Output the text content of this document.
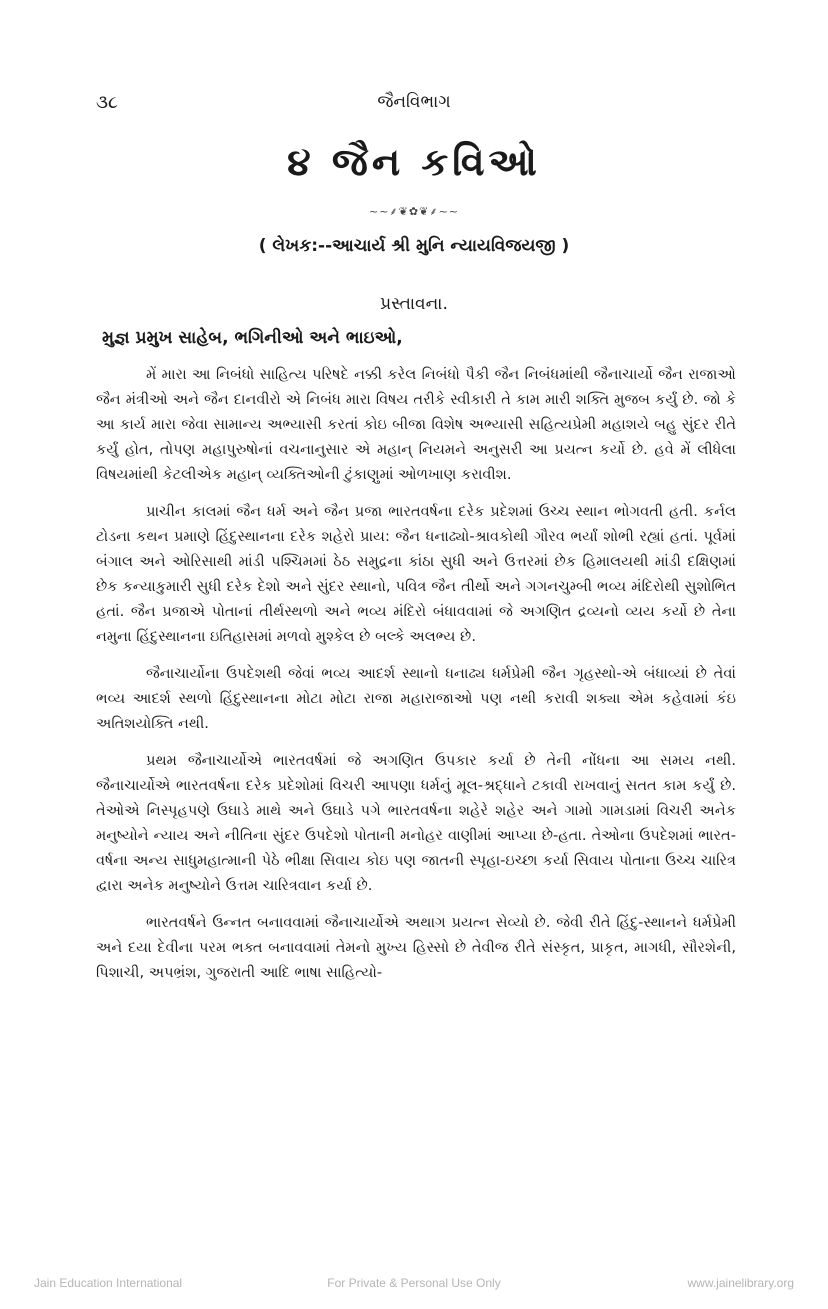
૩૮	જૈનવિભાગ
૪ જૈન કવિઓ
~~⸙❦✿❦⸙~~
( લેખક:--આચાર્ય શ્રી મુનિ ન્યાયવિજયજી )
પ્રસ્તાવના.
મુજ્ઞ પ્રમુખ સાહેબ, ભગિનીઓ અને ભાઇઓ,

મેં મારા આ નિબંધો સાહિત્ય પરિષદે નક્કી કરેલ નિબંધો પૈકી જૈન નિબંધમાંથી જૈનાચાર્યો જૈન રાજાઓ જૈન મંત્રીઓ અને જૈન દાનવીરો એ નિબંધ મારા વિષય તરીકે સ્વીકારી તે કામ મારી શક્તિ મુજબ કર્યું છે. જો કે આ કાર્ય મારા જેવા સામાન્ય અભ્યાસી કરતાં કોઇ બીજા વિશેષ અભ્યાસી સહિત્યપ્રેમી મહાશયે બહુ સુંદર રીતે કર્યું હોત, તોપણ મહાપુરુષોનાં વચનાનુસાર એ મહાન્ નિયમને અનુસરી આ પ્રયત્ન કર્યો છે. હવે મેં લીધેલા વિષયમાંથી કેટલીએક મહાન્ વ્યક્તિઓની ટુંકાણુમાં ઓળખાણ કરાવીશ.

પ્રાચીન કાલમાં જૈન ધર્મ અને જૈન પ્રજા ભારતવર્ષના દરેક પ્રદેશમાં ઉચ્ચ સ્થાન ભોગવતી હતી. કર્નલ ટોડના કથન પ્રમાણે હિંદુસ્થાનના દરેક શહેરો પ્રાય: જૈન ધનાઢ્યો-શ્રાવકોથી ગૌરવ ભર્યાં શોભી રહ્યાં હતાં. પૂર્વમાં બંગાલ અને ઓરિસાથી માંડી પશ્ચિમમાં ઠેઠ સમુદ્રના કાંઠા સુધી અને ઉત્તરમાં છેક હિમાલયથી માંડી દક્ષિણમાં છેક કન્યાકુમારી સુધી દરેક દેશો અને સુંદર સ્થાનો, પવિત્ર જૈન તીર્થો અને ગગનચુમ્બી ભવ્ય મંદિરોથી સુશોભિત હતાં. જૈન પ્રજાએ પોતાનાં તીર્થસ્થળો અને ભવ્ય મંદિરો બંધાવવામાં જે અગણિત દ્રવ્યનો વ્યય કર્યો છે તેના નમુના હિંદુસ્થાનના ઇતિહાસમાં મળવો મુશ્કેલ છે બલ્કે અલભ્ય છે.

જૈનાચાર્યોના ઉપદેશથી જેવાં ભવ્ય આદર્શ સ્થાનો ધનાઢ્ય ધર્મપ્રેમી જૈન ગૃહસ્થો-એ બંધાવ્યાં છે તેવાં ભવ્ય આદર્શ સ્થળો હિંદુસ્થાનના મોટા મોટા રાજા મહારાજાઓ પણ નથી કરાવી શક્યા એમ કહેવામાં કંઇ અતિશયોક્તિ નથી.

પ્રથમ જૈનાચાર્યોએ ભારતવર્ષમાં જે અગણિત ઉપકાર કર્યા છે તેની નોંધના આ સમય નથી. જૈનાચાર્યોએ ભારતવર્ષના દરેક પ્રદેશોમાં વિચરી આપણા ધર્મનું મૂલ-શ્રદ્ધાને ટકાવી રાખવાનું સતત કામ કર્યું છે. તેઓએ નિસ્પૃહપણે ઉઘાડે માથે અને ઉઘાડે પગે ભારતવર્ષના શહેરે શહેર અને ગામો ગામડામાં વિચરી અનેક મનુષ્યોને ન્યાય અને નીતિના સુંદર ઉપદેશો પોતાની મનોહર વાણીમાં આપ્યા છે-હતા. તેઓના ઉપદેશમાં ભારત-વર્ષના અન્ય સાધુમહાત્માની પેઠે ભીક્ષા સિવાય કોઇ પણ જાતની સ્પૃહા-ઇચ્છા કર્યા સિવાય પોતાના ઉચ્ચ ચારિત્ર દ્વારા અનેક મનુષ્યોને ઉત્તમ ચારિત્રવાન કર્યા છે.

ભારતવર્ષને ઉન્નત બનાવવામાં જૈનાચાર્યોએ અથાગ પ્રયત્ન સેવ્યો છે. જેવી રીતે હિંદુ-સ્થાનને ધર્મપ્રેમી અને દયા દેવીના પરમ ભક્ત બનાવવામાં તેમનો મુખ્ય હિસ્સો છે તેવીજ રીતે સંસ્કૃત, પ્રાકૃત, માગધી, સૌરશેની, પિશાચી, અપભ્રંશ, ગુજરાતી આદિ ભાષા સાહિત્યો-

Jain Education International	For Private & Personal Use Only	www.jainelibrary.org
